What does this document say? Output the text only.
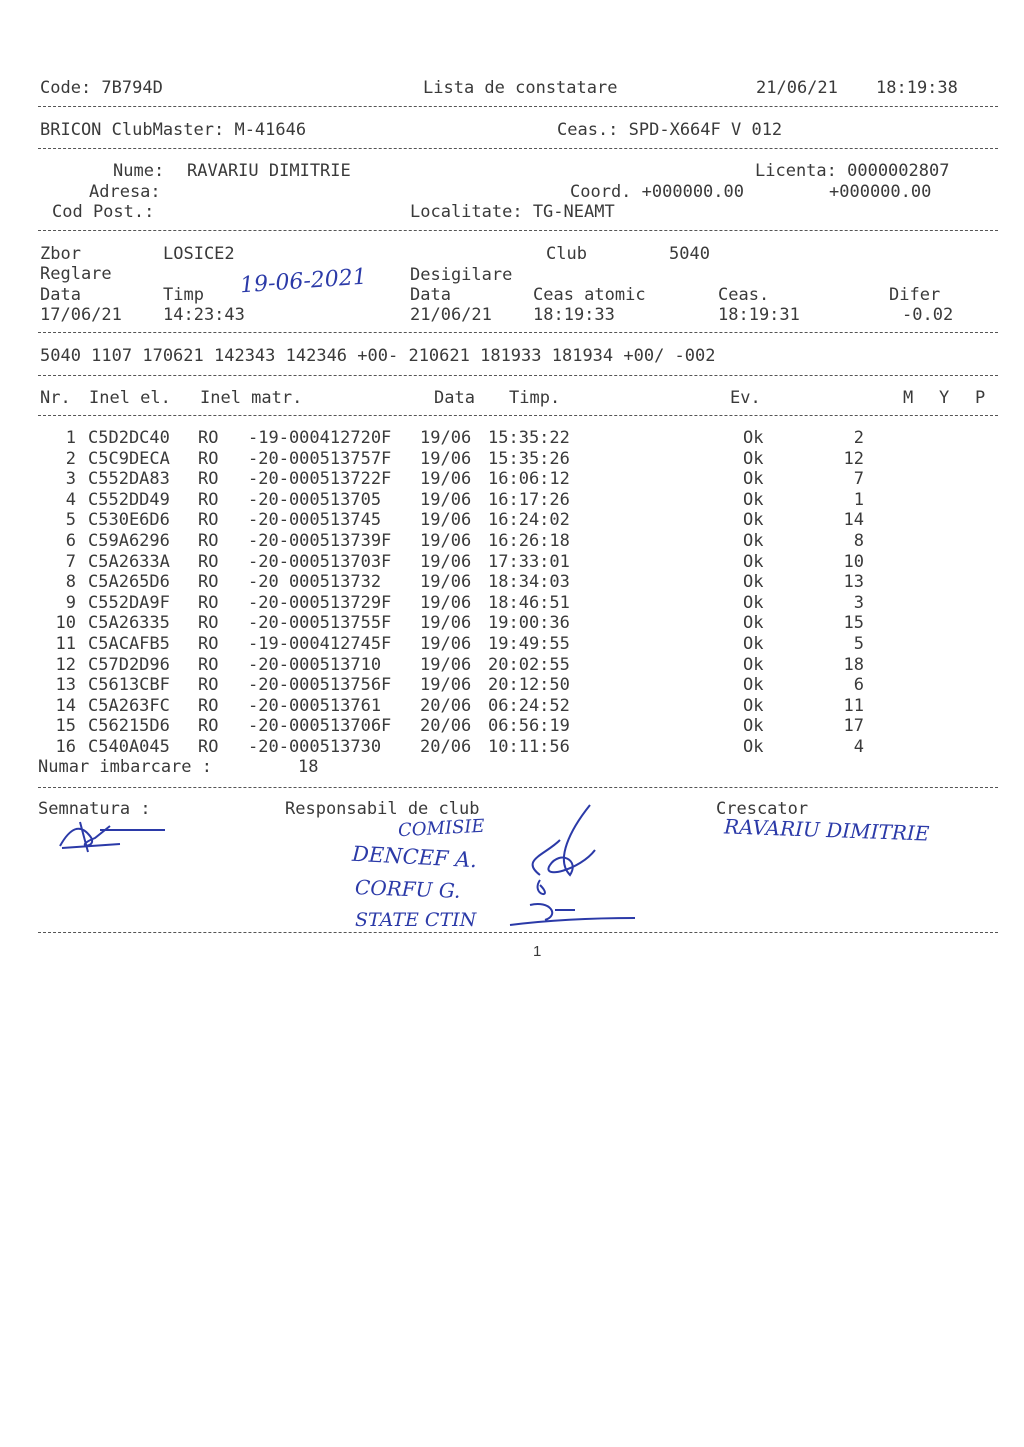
Code: 7B794D	Lista de constatare	21/06/21 18:19:38
BRICON ClubMaster: M-41646	Ceas.: SPD-X664F V 012
Nume: RAVARIU DIMITRIE	Licenta: 0000002807
Adresa:	Coord. +000000.00	+000000.00
Cod Post.:	Localitate: TG-NEAMT
Zbor	LOSICE2	Club	5040
Reglare	Desigilare
19-06-2021
Data	Timp	Data	Ceas atomic	Ceas.	Difer
17/06/21 14:23:43	21/06/21 18:19:33	18:19:31	-0.02
5040 1107 170621 142343 142346 +00- 210621 181933 181934 +00/ -002
Nr. Inel el. Inel matr.	Data Timp.	Ev.	M Y P
1 C5D2DC40 RO -19-000412720F 19/06 15:35:22	Ok	2
2 C5C9DECA RO -20-000513757F 19/06 15:35:26	Ok	12
3 C552DA83 RO -20-000513722F 19/06 16:06:12	Ok	7
4 C552DD49 RO -20-000513705 19/06 16:17:26	Ok	1
5 C530E6D6 RO -20-000513745 19/06 16:24:02	Ok	14
6 C59A6296 RO -20-000513739F 19/06 16:26:18	Ok	8
7 C5A2633A RO -20-000513703F 19/06 17:33:01	Ok	10
8 C5A265D6 RO -20 000513732 19/06 18:34:03	Ok	13
9 C552DA9F RO -20-000513729F 19/06 18:46:51	Ok	3
10 C5A26335 RO -20-000513755F 19/06 19:00:36	Ok	15
11 C5ACAFB5 RO -19-000412745F 19/06 19:49:55	Ok	5
12 C57D2D96 RO -20-000513710 19/06 20:02:55	Ok	18
13 C5613CBF RO -20-000513756F 19/06 20:12:50	Ok	6
14 C5A263FC RO -20-000513761 20/06 06:24:52	Ok	11
15 C56215D6 RO -20-000513706F 20/06 06:56:19	Ok	17
16 C540A045 RO -20-000513730 20/06 10:11:56	Ok	4
Numar imbarcare :	18
Semnatura :	Responsabil de club	Crescator
COMISIE
DENCEF A.
CORFU G.
STATE CTIN
RAVARIU DIMITRIE
1
